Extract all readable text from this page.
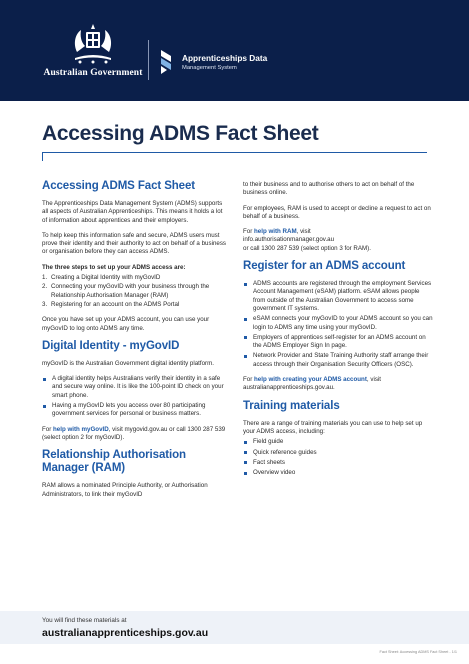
Australian Government
Apprenticeships Data
Management System
Accessing ADMS Fact Sheet
Accessing ADMS Fact Sheet

The Apprenticeships Data Management System (ADMS) supports all aspects of Australian Apprenticeships. This means it holds a lot of information about apprentices and their employers.

To help keep this information safe and secure, ADMS users must prove their identity and their authority to act on behalf of a business or organisation before they can access ADMS.

The three steps to set up your ADMS access are:

1. Creating a Digital Identity with myGovID
2. Connecting your myGovID with your business through the Relationship Authorisation Manager (RAM)
3. Registering for an account on the ADMS Portal

Once you have set up your ADMS account, you can use your myGovID to log onto ADMS any time.

Digital Identity - myGovID

myGovID is the Australian Government digital identity platform.

A digital identity helps Australians verify their identity in a safe and secure way online. It is like the 100-point ID check on your smart phone.
Having a myGovID lets you access over 80 participating government services for personal or business matters.

For help with myGovID, visit mygovid.gov.au or call 1300 287 539 (select option 2 for myGovID).

Relationship Authorisation Manager (RAM)

RAM allows a nominated Principle Authority, or Authorisation Administrators, to link their myGovID

to their business and to authorise others to act on behalf of the business online.

For employees, RAM is used to accept or decline a request to act on behalf of a business.

For help with RAM, visit
info.authorisationmanager.gov.au
or call 1300 287 539 (select option 3 for RAM).

Register for an ADMS account
ADMS accounts are registered through the employment Services Account Management (eSAM) platform. eSAM allows people from outside of the Australian Government to access some government IT systems.
eSAM connects your myGovID to your ADMS account so you can login to ADMS any time using your myGovID.
Employers of apprentices self-register for an ADMS account on the ADMS Employer Sign In page.
Network Provider and State Training Authority staff arrange their access through their Organisation Security Officers (OSC).

For help with creating your ADMS account, visit australianapprenticeships.gov.au.

Training materials

There are a range of training materials you can use to help set up your ADMS access, including:

Field guide
Quick reference guides
Fact sheets
Overview video
You will find these materials at
australianapprenticeships.gov.au
Fact Sheet: Accessing ADMS Fact Sheet - 1/1
